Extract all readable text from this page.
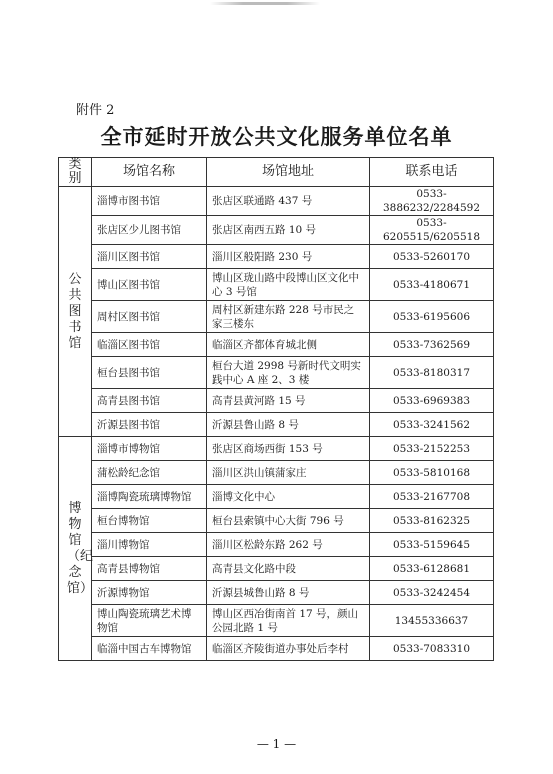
附件 2
全市延时开放公共文化服务单位名单
类别	场馆名称	场馆地址	联系电话
公共图书馆	淄博市图书馆	张店区联通路 437 号	0533-3886232/2284592
	张店区少儿图书馆	张店区南西五路 10 号	0533-6205515/6205518
	淄川区图书馆	淄川区般阳路 230 号	0533-5260170
	博山区图书馆	博山区珑山路中段博山区文化中心 3 号馆	0533-4180671
	周村区图书馆	周村区新建东路 228 号市民之家三楼东	0533-6195606
	临淄区图书馆	临淄区齐都体育城北侧	0533-7362569
	桓台县图书馆	桓台大道 2998 号新时代文明实践中心 A 座 2、3 楼	0533-8180317
	高青县图书馆	高青县黄河路 15 号	0533-6969383
	沂源县图书馆	沂源县鲁山路 8 号	0533-3241562
博物馆（纪念馆）	淄博市博物馆	张店区商场西街 153 号	0533-2152253
	蒲松龄纪念馆	淄川区洪山镇蒲家庄	0533-5810168
	淄博陶瓷琉璃博物馆	淄博文化中心	0533-2167708
	桓台博物馆	桓台县索镇中心大街 796 号	0533-8162325
	淄川博物馆	淄川区松龄东路 262 号	0533-5159645
	高青县博物馆	高青县文化路中段	0533-6128681
	沂源博物馆	沂源县城鲁山路 8 号	0533-3242454
	博山陶瓷琉璃艺术博物馆	博山区西冶街南首 17 号，颜山公园北路 1 号	13455336637
	临淄中国古车博物馆	临淄区齐陵街道办事处后李村	0533-7083310
— 1 —
